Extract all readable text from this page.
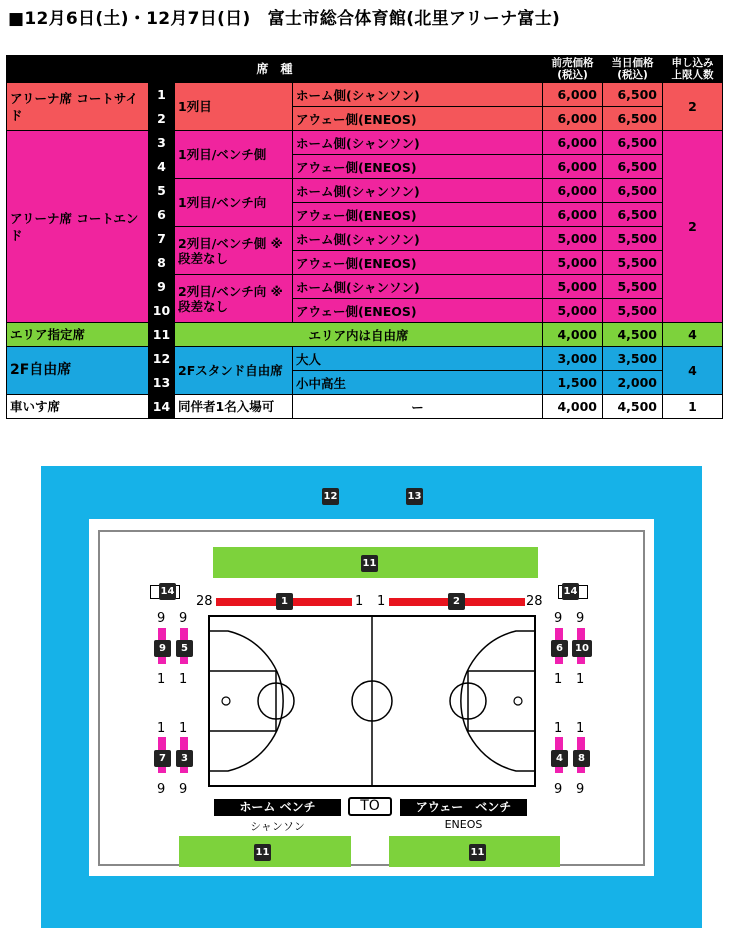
■12月6日(土)・12月7日(日)　富士市総合体育館(北里アリーナ富士)
席　種				前売価格
(税込)	当日価格
(税込)	申し込み
上限人数
アリーナ席 コートサイド	1	1列目	ホーム側(シャンソン)	6,000	6,500	2
	2		アウェー側(ENEOS)	6,000	6,500	
アリーナ席 コートエンド	3	1列目/ベンチ側	ホーム側(シャンソン)	6,000	6,500	2
	4		アウェー側(ENEOS)	6,000	6,500	
	5	1列目/ベンチ向	ホーム側(シャンソン)	6,000	6,500	
	6		アウェー側(ENEOS)	6,000	6,500	
	7	2列目/ベンチ側 ※段差なし	ホーム側(シャンソン)	5,000	5,500	
	8		アウェー側(ENEOS)	5,000	5,500	
	9	2列目/ベンチ向 ※段差なし	ホーム側(シャンソン)	5,000	5,500	
	10		アウェー側(ENEOS)	5,000	5,500	
エリア指定席	11	エリア内は自由席		4,000	4,500	4
2F自由席	12	2Fスタンド自由席	大人	3,000	3,500	4
	13		小中高生	1,500	2,000	
車いす席	14	同伴者1名入場可	ー	4,000	4,500	1
12	13
11
14	14
28	1	1 1	2	28
9
9
1
9
5
1
1
7
9
1
3
9
9
6
1
9
10
1
1
4
9
1
8
9
ホーム ベンチ	TO	アウェー　ベンチ
シャンソン	ENEOS
11	11
